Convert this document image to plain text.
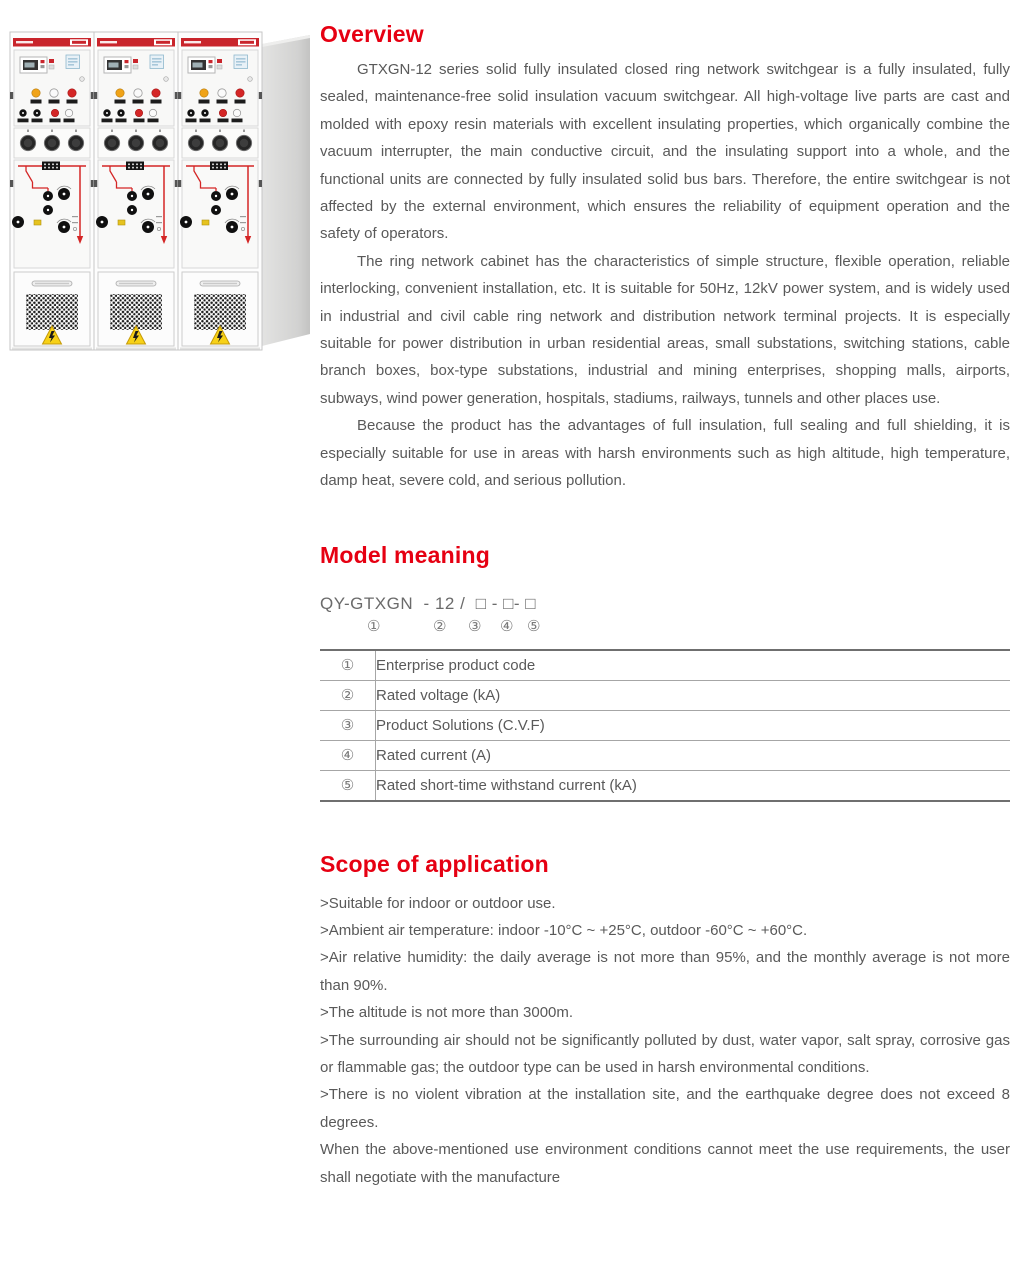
Overview

GTXGN-12 series solid fully insulated closed ring network switchgear is a fully insulated, fully sealed, maintenance-free solid insulation vacuum switchgear. All high-voltage live parts are cast and molded with epoxy resin materials with excellent insulating properties, which organically combine the vacuum interrupter, the main conductive circuit, and the insulating support into a whole, and the functional units are connected by fully insulated solid bus bars. Therefore, the entire switchgear is not affected by the external environment, which ensures the reliability of equipment operation and the safety of operators.

The ring network cabinet has the characteristics of simple structure, flexible operation, reliable interlocking, convenient installation, etc. It is suitable for 50Hz, 12kV power system, and is widely used in industrial and civil cable ring network and distribution network terminal projects. It is especially suitable for power distribution in urban residential areas, small substations, switching stations, cable branch boxes, box-type substations, industrial and mining enterprises, shopping malls, airports, subways, wind power generation, hospitals, stadiums, railways, tunnels and other places use.

Because the product has the advantages of full insulation, full sealing and full shielding, it is especially suitable for use in areas with harsh environments such as high altitude, high temperature, damp heat, severe cold, and serious pollution.

Model meaning
QY-GTXGN  - 12 /  □ - □- □
①	② ③ ④ ⑤
①	Enterprise product code
②	Rated voltage (kA)
③	Product Solutions (C.V.F)
④	Rated current (A)
⑤	Rated short-time withstand current (kA)
Scope of application

>Suitable for indoor or outdoor use.

>Ambient air temperature: indoor -10°C ~ +25°C, outdoor -60°C ~ +60°C.

>Air relative humidity: the daily average is not more than 95%, and the monthly average is not more than 90%.

>The altitude is not more than 3000m.

>The surrounding air should not be significantly polluted by dust, water vapor, salt spray, corrosive gas or flammable gas; the outdoor type can be used in harsh environmental conditions.

>There is no violent vibration at the installation site, and the earthquake degree does not exceed 8 degrees.

When the above-mentioned use environment conditions cannot meet the use requirements, the user shall negotiate with the manufacture
